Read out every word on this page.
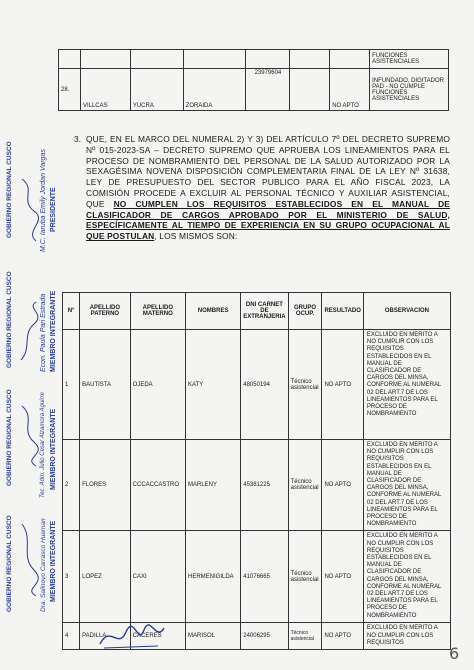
							FUNCIONES ASISTENCIALES
28.	VILLCAS	YUCRA	ZORAIDA	23979604		NO APTO	INFUNDADO, DIGITADOR PAD - NO CUMPLE FUNCIONES ASISTENCIALES
3. QUE, EN EL MARCO DEL NUMERAL 2) Y 3) DEL ARTÍCULO 7º DEL DECRETO SUPREMO Nº 015-2023-SA – DECRETO SUPREMO QUE APRUEBA LOS LINEAMIENTOS PARA EL PROCESO DE NOMBRAMIENTO DEL PERSONAL DE LA SALUD AUTORIZADO POR LA SEXAGÉSIMA NOVENA DISPOSICIÓN COMPLEMENTARIA FINAL DE LA LEY Nº 31638, LEY DE PRESUPUESTO DEL SECTOR PUBLICO PARA EL AÑO FISCAL 2023, LA COMISIÓN PROCEDE A EXCLUIR AL PERSONAL TÉCNICO Y AUXILIAR ASISTENCIAL, QUE NO CUMPLEN LOS REQUISITOS ESTABLECIDOS EN EL MANUAL DE CLASIFICADOR DE CARGOS APROBADO POR EL MINISTERIO DE SALUD, ESPECÍFICAMENTE AL TIEMPO DE EXPERIENCIA EN SU GRUPO OCUPACIONAL AL QUE POSTULAN, LOS MISMOS SON:
N°	APELLIDO PATERNO	APELLIDO MATERNO	NOMBRES	DNI CARNET DE EXTRANJERIA	GRUPO OCUP.	RESULTADO	OBSERVACION
1	BAUTISTA	OJEDA	KATY	48050194	Técnico asistencial	NO APTO	EXCLUIDO EN MERITO A NO CUMPLIR CON LOS REQUISITOS ESTABLECIDOS EN EL MANUAL DE CLASIFICADOR DE CARGOS DEL MINSA, CONFORME AL NUMERAL 02 DEL ART.7 DE LOS LINEAMIENTOS PARA EL PROCESO DE NOMBRAMIENTO
2	FLORES	CCCACCASTRO	MARLENY	45381225	Técnico asistencial	NO APTO	EXCLUIDO EN MERITO A NO CUMPLIR CON LOS REQUISITOS ESTABLECIDOS EN EL MANUAL DE CLASIFICADOR DE CARGOS DEL MINSA, CONFORME AL NUMERAL 02 DEL ART.7 DE LOS LINEAMIENTOS PARA EL PROCESO DE NOMBRAMIENTO
3	LOPEZ	CAXI	HERMENIGILDA	41076665	Técnico asistencial	NO APTO	EXCLUIDO EN MERITO A NO CUMPLIR CON LOS REQUISITOS ESTABLECIDOS EN EL MANUAL DE CLASIFICADOR DE CARGOS DEL MINSA, CONFORME AL NUMERAL 02 DEL ART.7 DE LOS LINEAMIENTOS PARA EL PROCESO DE NOMBRAMIENTO
4	PADILLA	CACERES	MARISOL	24006295	Técnico asistencial	NO APTO	EXCLUIDO EN MERITO A NO CUMPLIR CON LOS REQUISITOS
GOBIERNO REGIONAL CUSCO	M.C. Iaruba Emily Jordan Vargas PRESIDENTE
GOBIERNO REGIONAL CUSCO	Econ. Paula Pari Estrada MIEMBRO INTEGRANTE
GOBIERNO REGIONAL CUSCO	Tec. Adm. Julio Cesar Alzamora Aguirre MIEMBRO INTEGRANTE
GOBIERNO REGIONAL CUSCO	Dra. Salinovo Carrasco Huaman MIEMBRO INTEGRANTE
6
